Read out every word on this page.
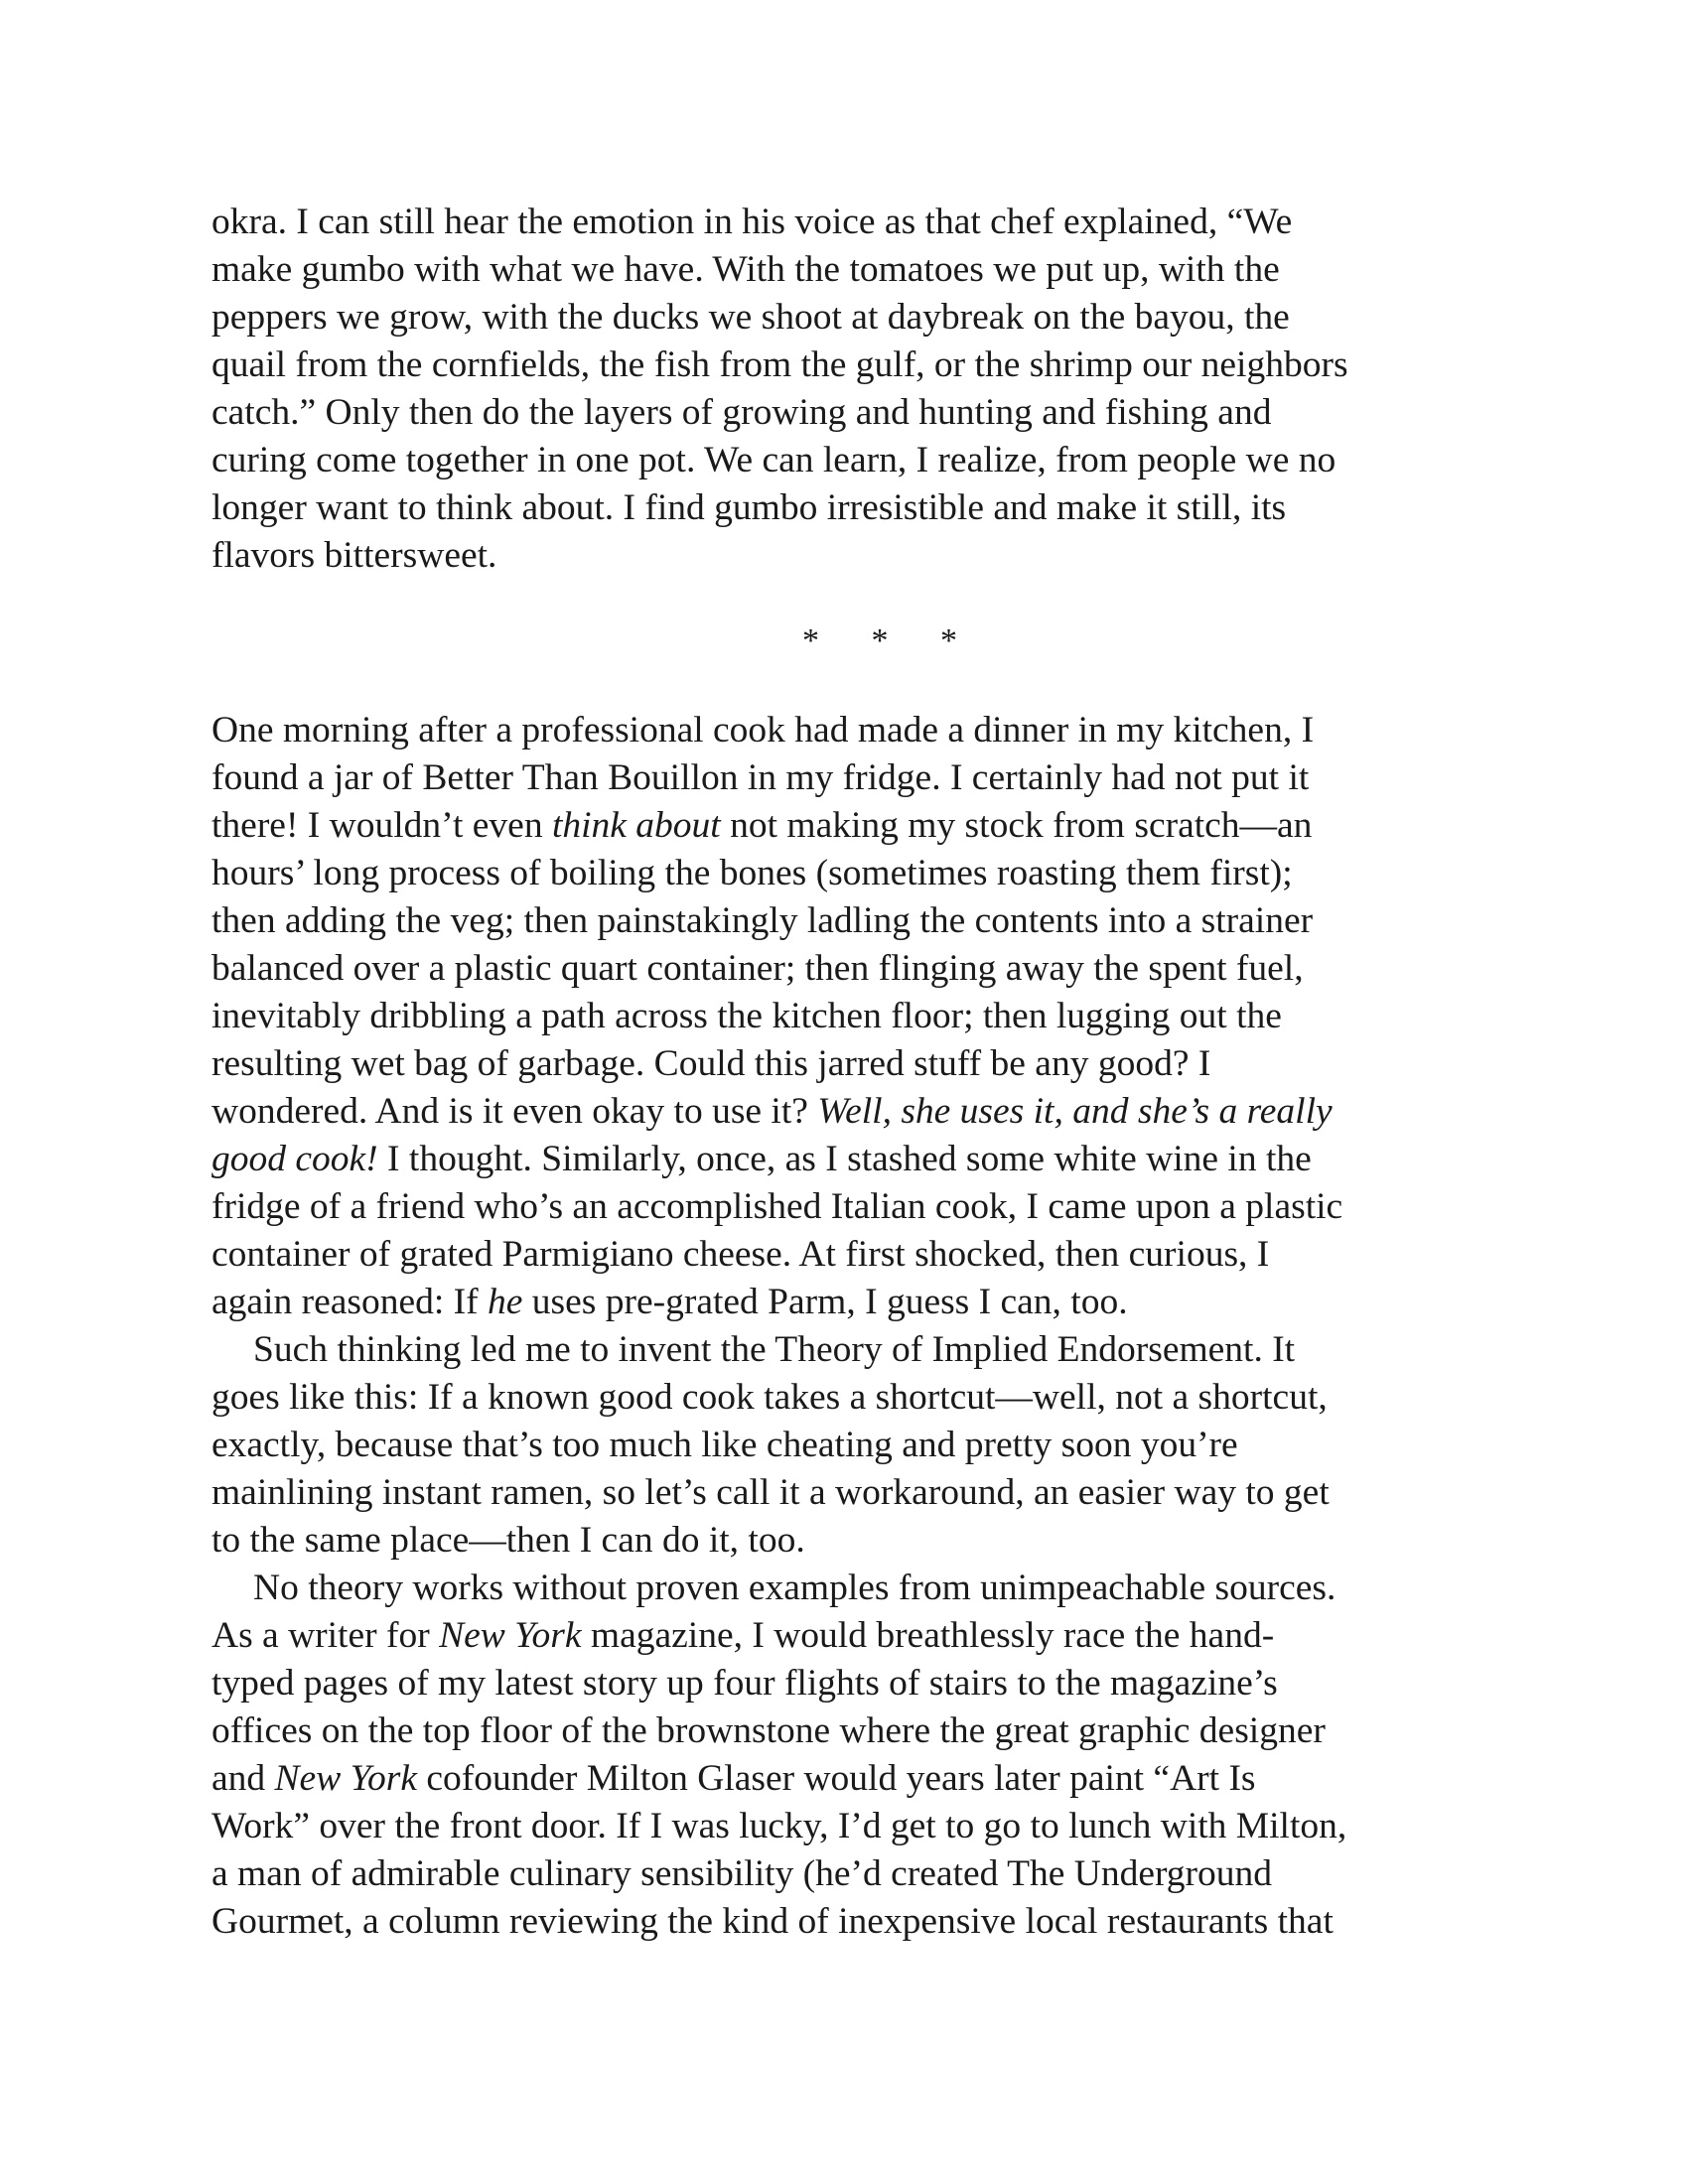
okra. I can still hear the emotion in his voice as that chef explained, “We
make gumbo with what we have. With the tomatoes we put up, with the
peppers we grow, with the ducks we shoot at daybreak on the bayou, the
quail from the cornfields, the fish from the gulf, or the shrimp our neighbors
catch.” Only then do the layers of growing and hunting and fishing and
curing come together in one pot. We can learn, I realize, from people we no
longer want to think about. I find gumbo irresistible and make it still, its
flavors bittersweet.
* * *
One morning after a professional cook had made a dinner in my kitchen, I
found a jar of Better Than Bouillon in my fridge. I certainly had not put it
there! I wouldn’t even think about not making my stock from scratch—an
hours’ long process of boiling the bones (sometimes roasting them first);
then adding the veg; then painstakingly ladling the contents into a strainer
balanced over a plastic quart container; then flinging away the spent fuel,
inevitably dribbling a path across the kitchen floor; then lugging out the
resulting wet bag of garbage. Could this jarred stuff be any good? I
wondered. And is it even okay to use it? Well, she uses it, and she’s a really
good cook! I thought. Similarly, once, as I stashed some white wine in the
fridge of a friend who’s an accomplished Italian cook, I came upon a plastic
container of grated Parmigiano cheese. At first shocked, then curious, I
again reasoned: If he uses pre-grated Parm, I guess I can, too.
Such thinking led me to invent the Theory of Implied Endorsement. It
goes like this: If a known good cook takes a shortcut—well, not a shortcut,
exactly, because that’s too much like cheating and pretty soon you’re
mainlining instant ramen, so let’s call it a workaround, an easier way to get
to the same place—then I can do it, too.
No theory works without proven examples from unimpeachable sources.
As a writer for New York magazine, I would breathlessly race the hand-
typed pages of my latest story up four flights of stairs to the magazine’s
offices on the top floor of the brownstone where the great graphic designer
and New York cofounder Milton Glaser would years later paint “Art Is
Work” over the front door. If I was lucky, I’d get to go to lunch with Milton,
a man of admirable culinary sensibility (he’d created The Underground
Gourmet, a column reviewing the kind of inexpensive local restaurants that
